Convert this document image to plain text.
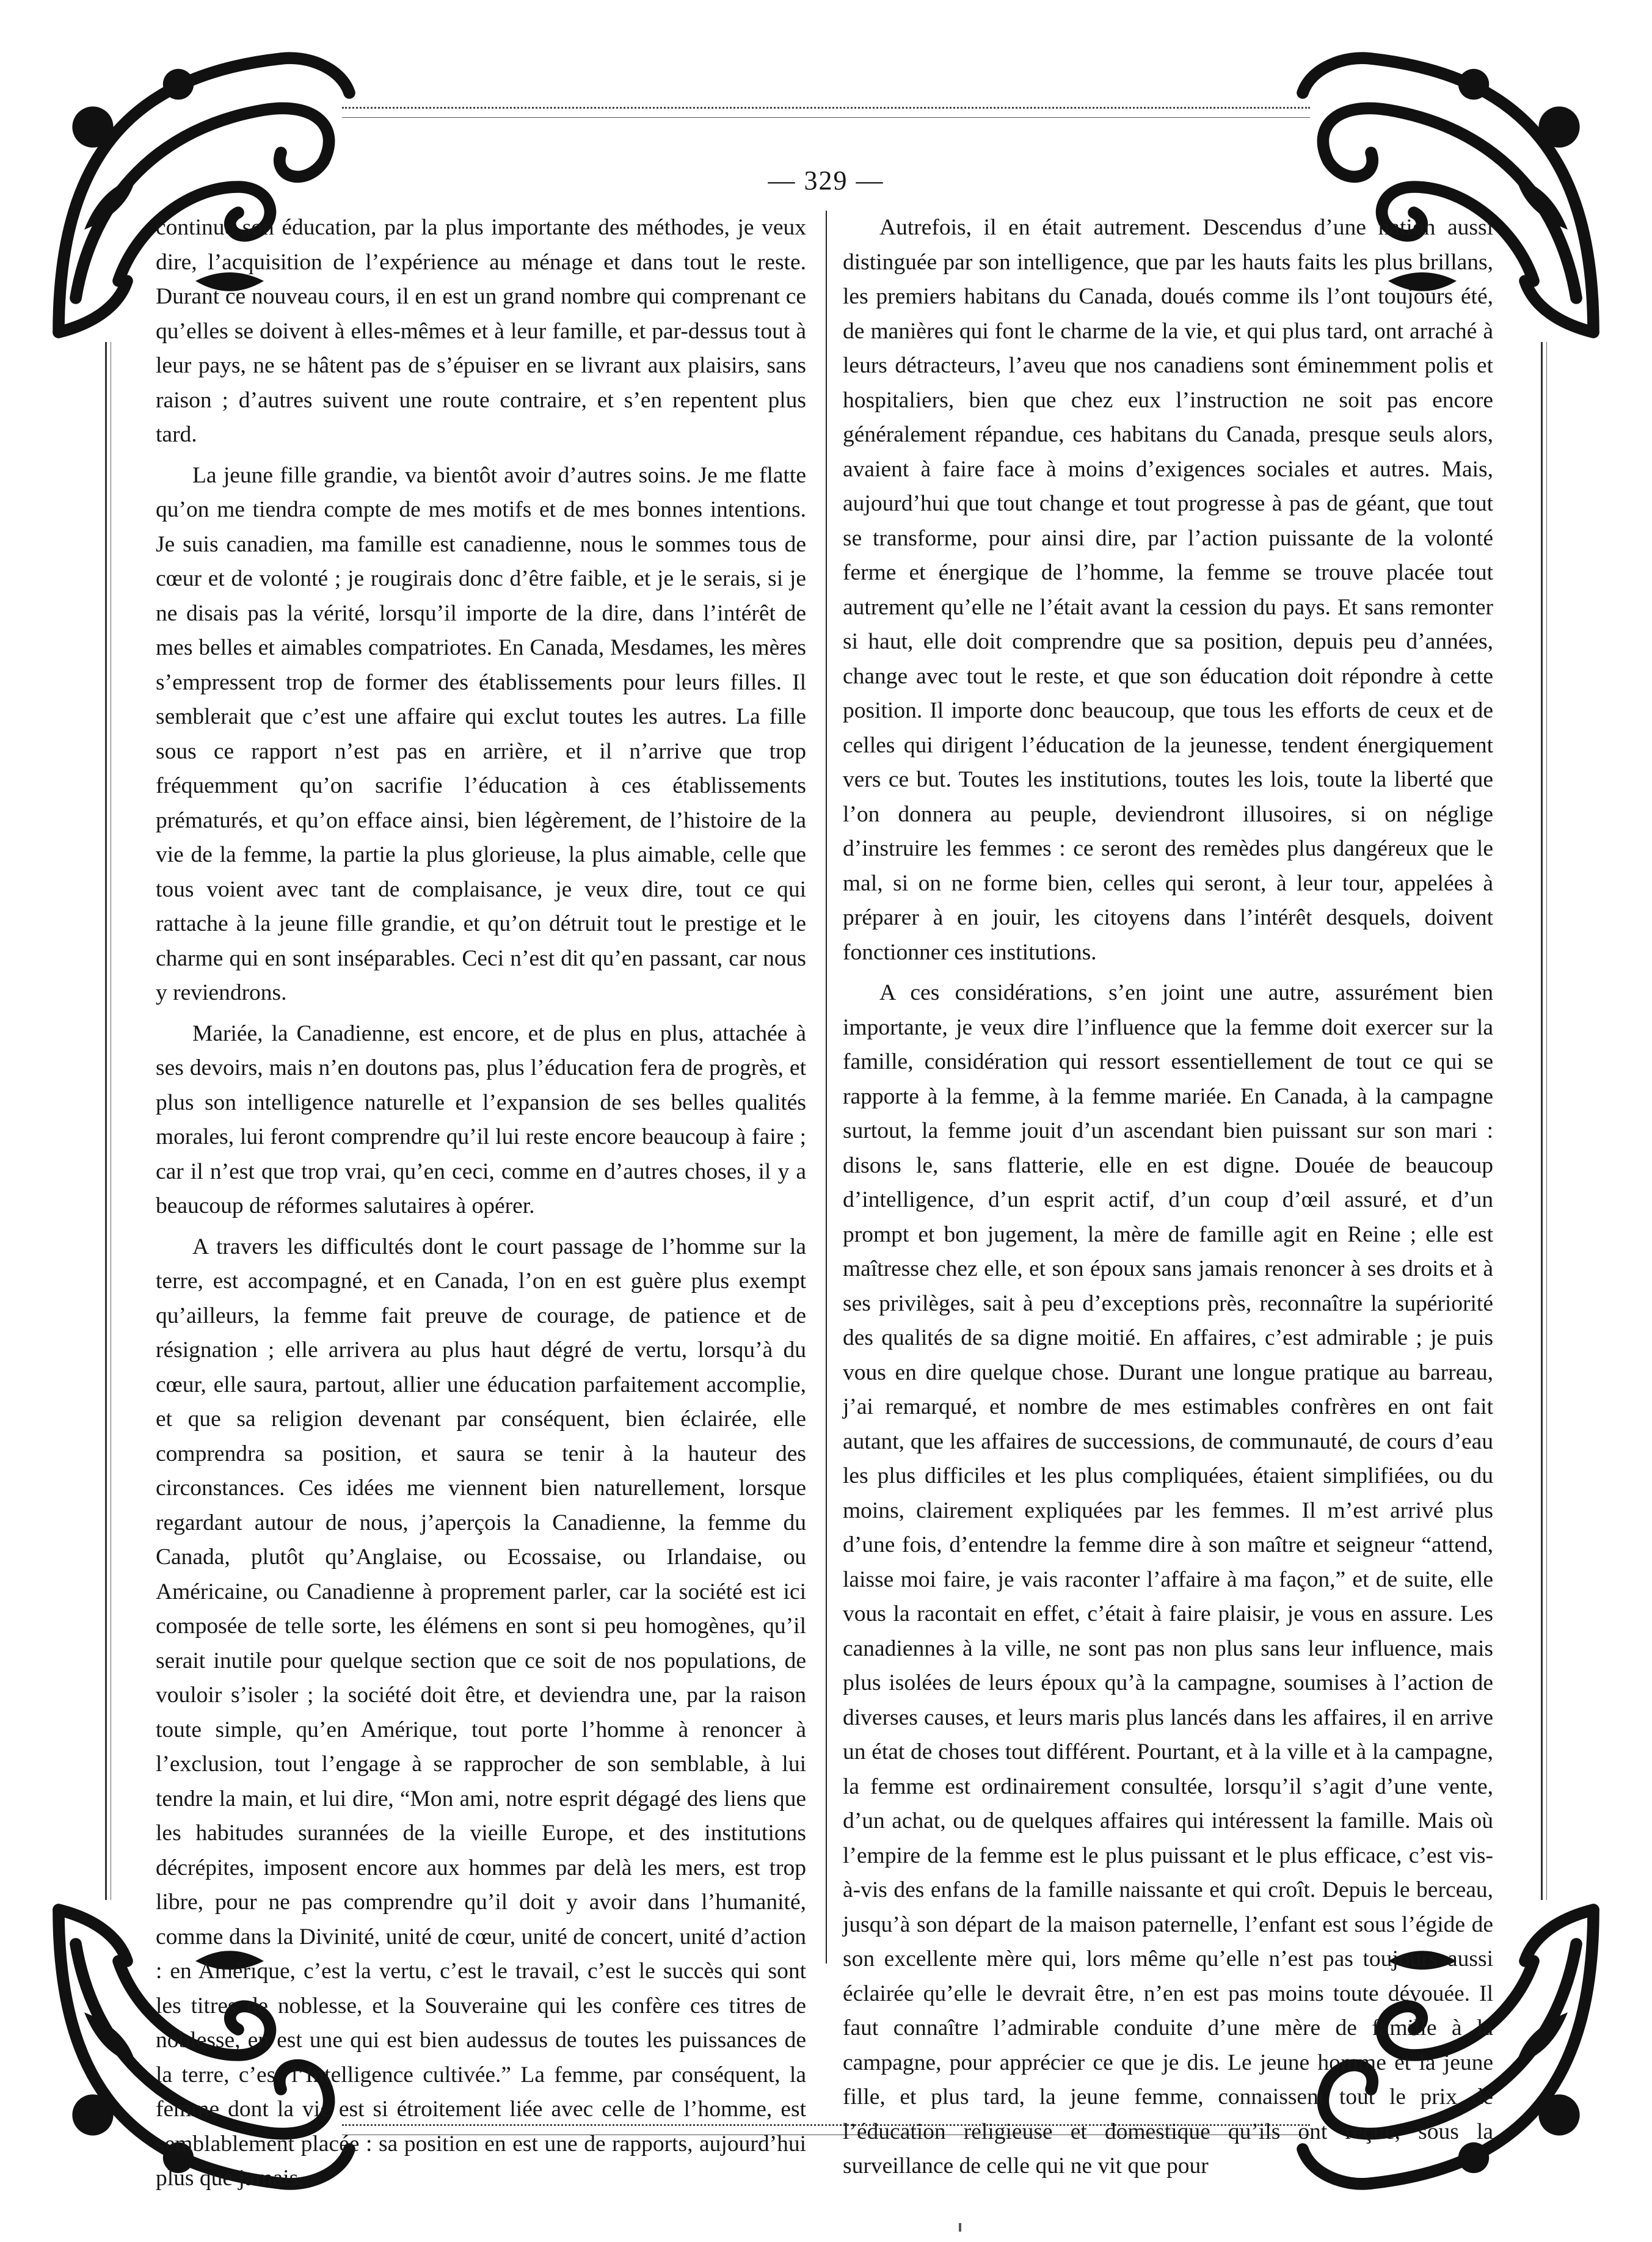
— 329 —

continue son éducation, par la plus importante des méthodes, je veux dire, l’acquisition de l’expérience au ménage et dans tout le reste. Durant ce nouveau cours, il en est un grand nombre qui comprenant ce qu’elles se doivent à elles-mêmes et à leur famille, et par-dessus tout à leur pays, ne se hâtent pas de s’épuiser en se livrant aux plaisirs, sans raison ; d’autres suivent une route contraire, et s’en repentent plus tard.

La jeune fille grandie, va bientôt avoir d’autres soins. Je me flatte qu’on me tiendra compte de mes motifs et de mes bonnes intentions. Je suis canadien, ma famille est canadienne, nous le sommes tous de cœur et de volonté ; je rougirais donc d’être faible, et je le serais, si je ne disais pas la vérité, lorsqu’il importe de la dire, dans l’intérêt de mes belles et aimables compatriotes. En Canada, Mesdames, les mères s’empressent trop de former des établissements pour leurs filles. Il semblerait que c’est une affaire qui exclut toutes les autres. La fille sous ce rapport n’est pas en arrière, et il n’arrive que trop fréquemment qu’on sacrifie l’éducation à ces établissements prématurés, et qu’on efface ainsi, bien légèrement, de l’histoire de la vie de la femme, la partie la plus glorieuse, la plus aimable, celle que tous voient avec tant de complaisance, je veux dire, tout ce qui rattache à la jeune fille grandie, et qu’on détruit tout le prestige et le charme qui en sont inséparables. Ceci n’est dit qu’en passant, car nous y reviendrons.

Mariée, la Canadienne, est encore, et de plus en plus, attachée à ses devoirs, mais n’en doutons pas, plus l’éducation fera de progrès, et plus son intelligence naturelle et l’expansion de ses belles qualités morales, lui feront comprendre qu’il lui reste encore beaucoup à faire ; car il n’est que trop vrai, qu’en ceci, comme en d’autres choses, il y a beaucoup de réformes salutaires à opérer.

A travers les difficultés dont le court passage de l’homme sur la terre, est accompagné, et en Canada, l’on en est guère plus exempt qu’ailleurs, la femme fait preuve de courage, de patience et de résignation ; elle arrivera au plus haut dégré de vertu, lorsqu’à du cœur, elle saura, partout, allier une éducation parfaitement accomplie, et que sa religion devenant par conséquent, bien éclairée, elle comprendra sa position, et saura se tenir à la hauteur des circonstances. Ces idées me viennent bien naturellement, lorsque regardant autour de nous, j’aperçois la Canadienne, la femme du Canada, plutôt qu’Anglaise, ou Ecossaise, ou Irlandaise, ou Américaine, ou Canadienne à proprement parler, car la société est ici composée de telle sorte, les élémens en sont si peu homogènes, qu’il serait inutile pour quelque section que ce soit de nos populations, de vouloir s’isoler ; la société doit être, et deviendra une, par la raison toute simple, qu’en Amérique, tout porte l’homme à renoncer à l’exclusion, tout l’engage à se rapprocher de son semblable, à lui tendre la main, et lui dire, “Mon ami, notre esprit dégagé des liens que les habitudes surannées de la vieille Europe, et des institutions décrépites, imposent encore aux hommes par delà les mers, est trop libre, pour ne pas comprendre qu’il doit y avoir dans l’humanité, comme dans la Divinité, unité de cœur, unité de concert, unité d’action : en Amérique, c’est la vertu, c’est le travail, c’est le succès qui sont les titres de noblesse, et la Souveraine qui les confère ces titres de noblesse, en est une qui est bien audessus de toutes les puissances de la terre, c’est l’Intelligence cultivée.” La femme, par conséquent, la femme dont la vie est si étroitement liée avec celle de l’homme, est semblablement placée : sa position en est une de rapports, aujourd’hui plus que jamais.

Autrefois, il en était autrement. Descendus d’une nation aussi distinguée par son intelligence, que par les hauts faits les plus brillans, les premiers habitans du Canada, doués comme ils l’ont toujours été, de manières qui font le charme de la vie, et qui plus tard, ont arraché à leurs détracteurs, l’aveu que nos canadiens sont éminemment polis et hospitaliers, bien que chez eux l’instruction ne soit pas encore généralement répandue, ces habitans du Canada, presque seuls alors, avaient à faire face à moins d’exigences sociales et autres. Mais, aujourd’hui que tout change et tout progresse à pas de géant, que tout se transforme, pour ainsi dire, par l’action puissante de la volonté ferme et énergique de l’homme, la femme se trouve placée tout autrement qu’elle ne l’était avant la cession du pays. Et sans remonter si haut, elle doit comprendre que sa position, depuis peu d’années, change avec tout le reste, et que son éducation doit répondre à cette position. Il importe donc beaucoup, que tous les efforts de ceux et de celles qui dirigent l’éducation de la jeunesse, tendent énergiquement vers ce but. Toutes les institutions, toutes les lois, toute la liberté que l’on donnera au peuple, deviendront illusoires, si on néglige d’instruire les femmes : ce seront des remèdes plus dangéreux que le mal, si on ne forme bien, celles qui seront, à leur tour, appelées à préparer à en jouir, les citoyens dans l’intérêt desquels, doivent fonctionner ces institutions.

A ces considérations, s’en joint une autre, assurément bien importante, je veux dire l’influence que la femme doit exercer sur la famille, considération qui ressort essentiellement de tout ce qui se rapporte à la femme, à la femme mariée. En Canada, à la campagne surtout, la femme jouit d’un ascendant bien puissant sur son mari : disons le, sans flatterie, elle en est digne. Douée de beaucoup d’intelligence, d’un esprit actif, d’un coup d’œil assuré, et d’un prompt et bon jugement, la mère de famille agit en Reine ; elle est maîtresse chez elle, et son époux sans jamais renoncer à ses droits et à ses privilèges, sait à peu d’exceptions près, reconnaître la supériorité des qualités de sa digne moitié. En affaires, c’est admirable ; je puis vous en dire quelque chose. Durant une longue pratique au barreau, j’ai remarqué, et nombre de mes estimables confrères en ont fait autant, que les affaires de successions, de communauté, de cours d’eau les plus difficiles et les plus compliquées, étaient simplifiées, ou du moins, clairement expliquées par les femmes. Il m’est arrivé plus d’une fois, d’entendre la femme dire à son maître et seigneur “attend, laisse moi faire, je vais raconter l’affaire à ma façon,” et de suite, elle vous la racontait en effet, c’était à faire plaisir, je vous en assure. Les canadiennes à la ville, ne sont pas non plus sans leur influence, mais plus isolées de leurs époux qu’à la campagne, soumises à l’action de diverses causes, et leurs maris plus lancés dans les affaires, il en arrive un état de choses tout différent. Pourtant, et à la ville et à la campagne, la femme est ordinairement consultée, lorsqu’il s’agit d’une vente, d’un achat, ou de quelques affaires qui intéressent la famille. Mais où l’empire de la femme est le plus puissant et le plus efficace, c’est vis-à-vis des enfans de la famille naissante et qui croît. Depuis le berceau, jusqu’à son départ de la maison paternelle, l’enfant est sous l’égide de son excellente mère qui, lors même qu’elle n’est pas toujours aussi éclairée qu’elle le devrait être, n’en est pas moins toute dévouée. Il faut connaître l’admirable conduite d’une mère de famille à la campagne, pour apprécier ce que je dis. Le jeune homme et la jeune fille, et plus tard, la jeune femme, connaissent tout le prix de l’éducation religieuse et domestique qu’ils ont reçue, sous la surveillance de celle qui ne vit que pour
